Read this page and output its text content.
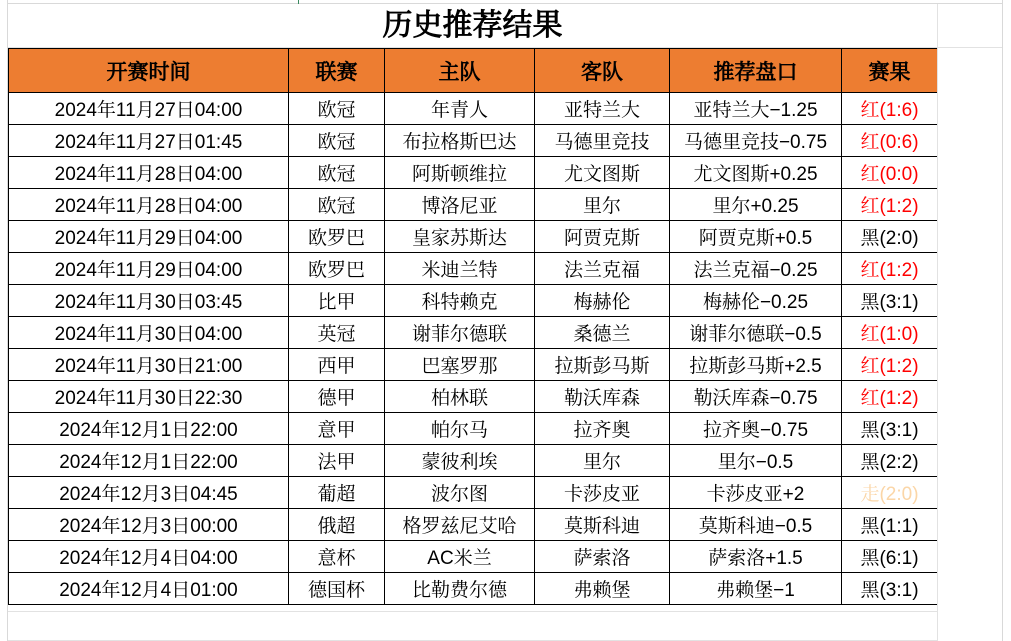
历史推荐结果
开赛时间	联赛	主队	客队	推荐盘口	赛果
2024年11月27日04:00	欧冠	年青人	亚特兰大	亚特兰大−1.25	红(1:6)
2024年11月27日01:45	欧冠	布拉格斯巴达	马德里竞技	马德里竞技−0.75	红(0:6)
2024年11月28日04:00	欧冠	阿斯顿维拉	尤文图斯	尤文图斯+0.25	红(0:0)
2024年11月28日04:00	欧冠	博洛尼亚	里尔	里尔+0.25	红(1:2)
2024年11月29日04:00	欧罗巴	皇家苏斯达	阿贾克斯	阿贾克斯+0.5	黑(2:0)
2024年11月29日04:00	欧罗巴	米迪兰特	法兰克福	法兰克福−0.25	红(1:2)
2024年11月30日03:45	比甲	科特赖克	梅赫伦	梅赫伦−0.25	黑(3:1)
2024年11月30日04:00	英冠	谢菲尔德联	桑德兰	谢菲尔德联−0.5	红(1:0)
2024年11月30日21:00	西甲	巴塞罗那	拉斯彭马斯	拉斯彭马斯+2.5	红(1:2)
2024年11月30日22:30	德甲	柏林联	勒沃库森	勒沃库森−0.75	红(1:2)
2024年12月1日22:00	意甲	帕尔马	拉齐奥	拉齐奥−0.75	黑(3:1)
2024年12月1日22:00	法甲	蒙彼利埃	里尔	里尔−0.5	黑(2:2)
2024年12月3日04:45	葡超	波尔图	卡莎皮亚	卡莎皮亚+2	走(2:0)
2024年12月3日00:00	俄超	格罗兹尼艾哈	莫斯科迪	莫斯科迪−0.5	黑(1:1)
2024年12月4日04:00	意杯	AC米兰	萨索洛	萨索洛+1.5	黑(6:1)
2024年12月4日01:00	德国杯	比勒费尔德	弗赖堡	弗赖堡−1	黑(3:1)
